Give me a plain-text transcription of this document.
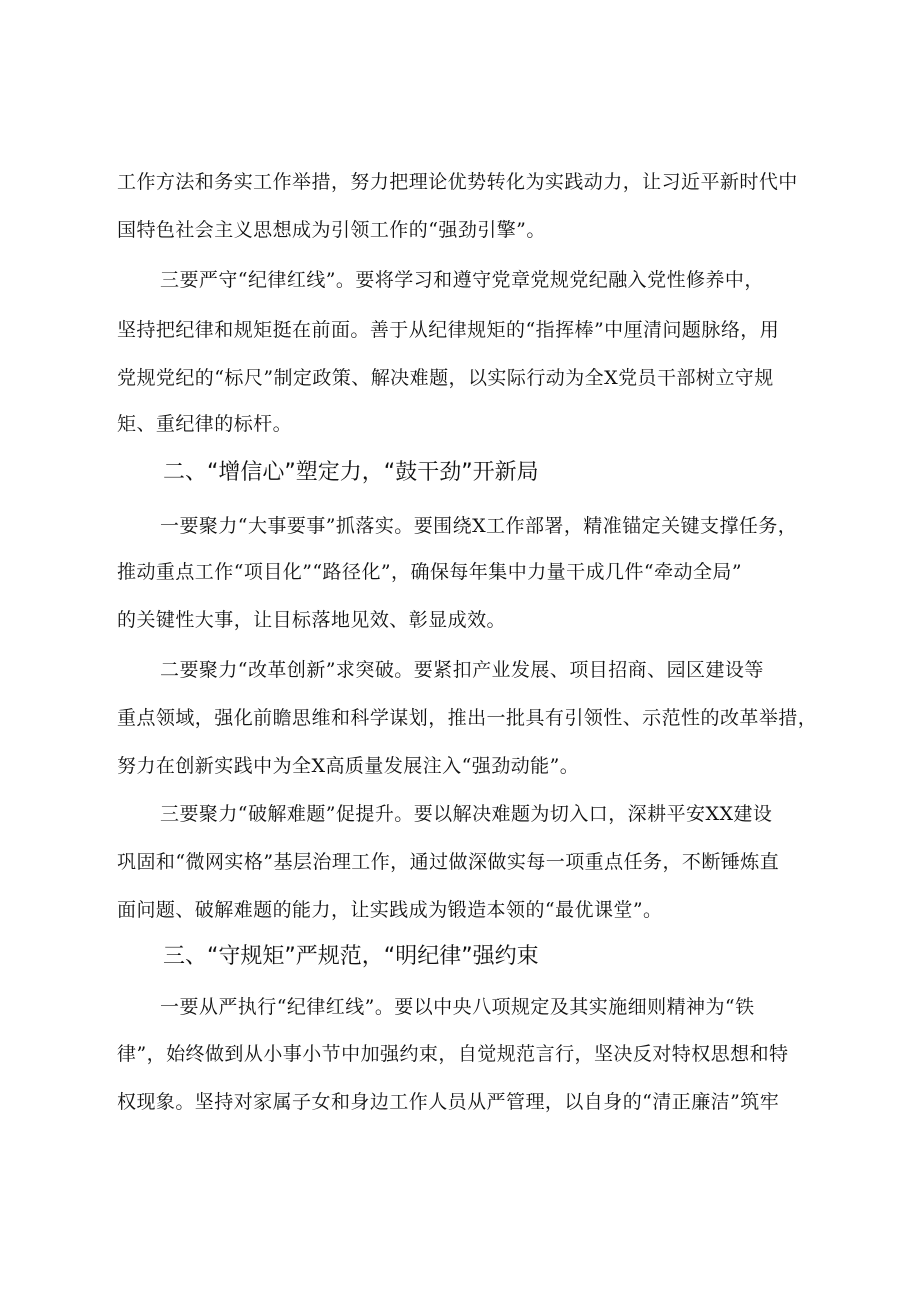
工作方法和务实工作举措，努力把理论优势转化为实践动力，让习近平新时代中
国特色社会主义思想成为引领工作的“强劲引擎”。
三要严守“纪律红线”。要将学习和遵守党章党规党纪融入党性修养中，
坚持把纪律和规矩挺在前面。善于从纪律规矩的“指挥棒”中厘清问题脉络，用
党规党纪的“标尺”制定政策、解决难题，以实际行动为全X党员干部树立守规
矩、重纪律的标杆。
二、“增信心”塑定力，“鼓干劲”开新局
一要聚力“大事要事”抓落实。要围绕X工作部署，精准锚定关键支撑任务，
推动重点工作“项目化”“路径化”，确保每年集中力量干成几件“牵动全局”
的关键性大事，让目标落地见效、彰显成效。
二要聚力“改革创新”求突破。要紧扣产业发展、项目招商、园区建设等
重点领域，强化前瞻思维和科学谋划，推出一批具有引领性、示范性的改革举措，
努力在创新实践中为全X高质量发展注入“强劲动能”。
三要聚力“破解难题”促提升。要以解决难题为切入口，深耕平安XX建设
巩固和“微网实格”基层治理工作，通过做深做实每一项重点任务，不断锤炼直
面问题、破解难题的能力，让实践成为锻造本领的“最优课堂”。
三、“守规矩”严规范，“明纪律”强约束
一要从严执行“纪律红线”。要以中央八项规定及其实施细则精神为“铁
律”，始终做到从小事小节中加强约束，自觉规范言行，坚决反对特权思想和特
权现象。坚持对家属子女和身边工作人员从严管理，以自身的“清正廉洁”筑牢
